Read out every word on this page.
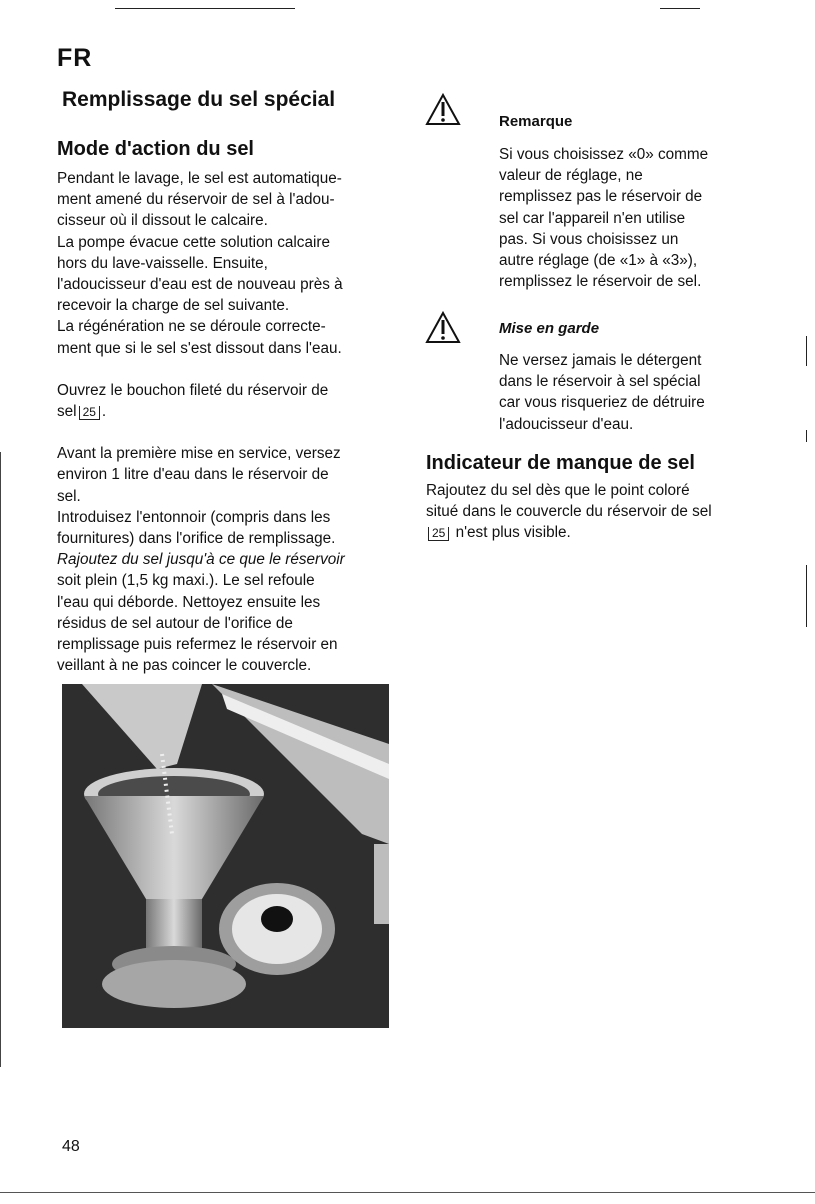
FR
Remplissage du sel spécial
Mode d'action du sel

Pendant le lavage, le sel est automatique-

ment amené du réservoir de sel à l'adou-

cisseur où il dissout le calcaire.

La pompe évacue cette solution calcaire

hors du lave-vaisselle. Ensuite,

l'adoucisseur d'eau est de nouveau près à

recevoir la charge de sel suivante.

La régénération ne se déroule correcte-

ment que si le sel s'est dissout dans l'eau.

Ouvrez le bouchon fileté du réservoir de

sel 25 .

Avant la première mise en service, versez

environ 1 litre d'eau dans le réservoir de

sel.

Introduisez l'entonnoir (compris dans les

fournitures) dans l'orifice de remplissage.

Rajoutez du sel jusqu'à ce que le réservoir

soit plein (1,5 kg maxi.). Le sel refoule

l'eau qui déborde. Nettoyez ensuite les

résidus de sel autour de l'orifice de

remplissage puis refermez le réservoir en

veillant à ne pas coincer le couvercle.

Remarque

Si vous choisissez «0» comme

valeur de réglage, ne

remplissez pas le réservoir de

sel car l'appareil n'en utilise

pas. Si vous choisissez un

autre réglage (de «1» à «3»),

remplissez le réservoir de sel.

Mise en garde

Ne versez jamais le détergent

dans le réservoir à sel spécial

car vous risqueriez de détruire

l'adoucisseur d'eau.

Indicateur de manque de sel

Rajoutez du sel dès que le point coloré

situé dans le couvercle du réservoir de sel

25 n'est plus visible.

48
